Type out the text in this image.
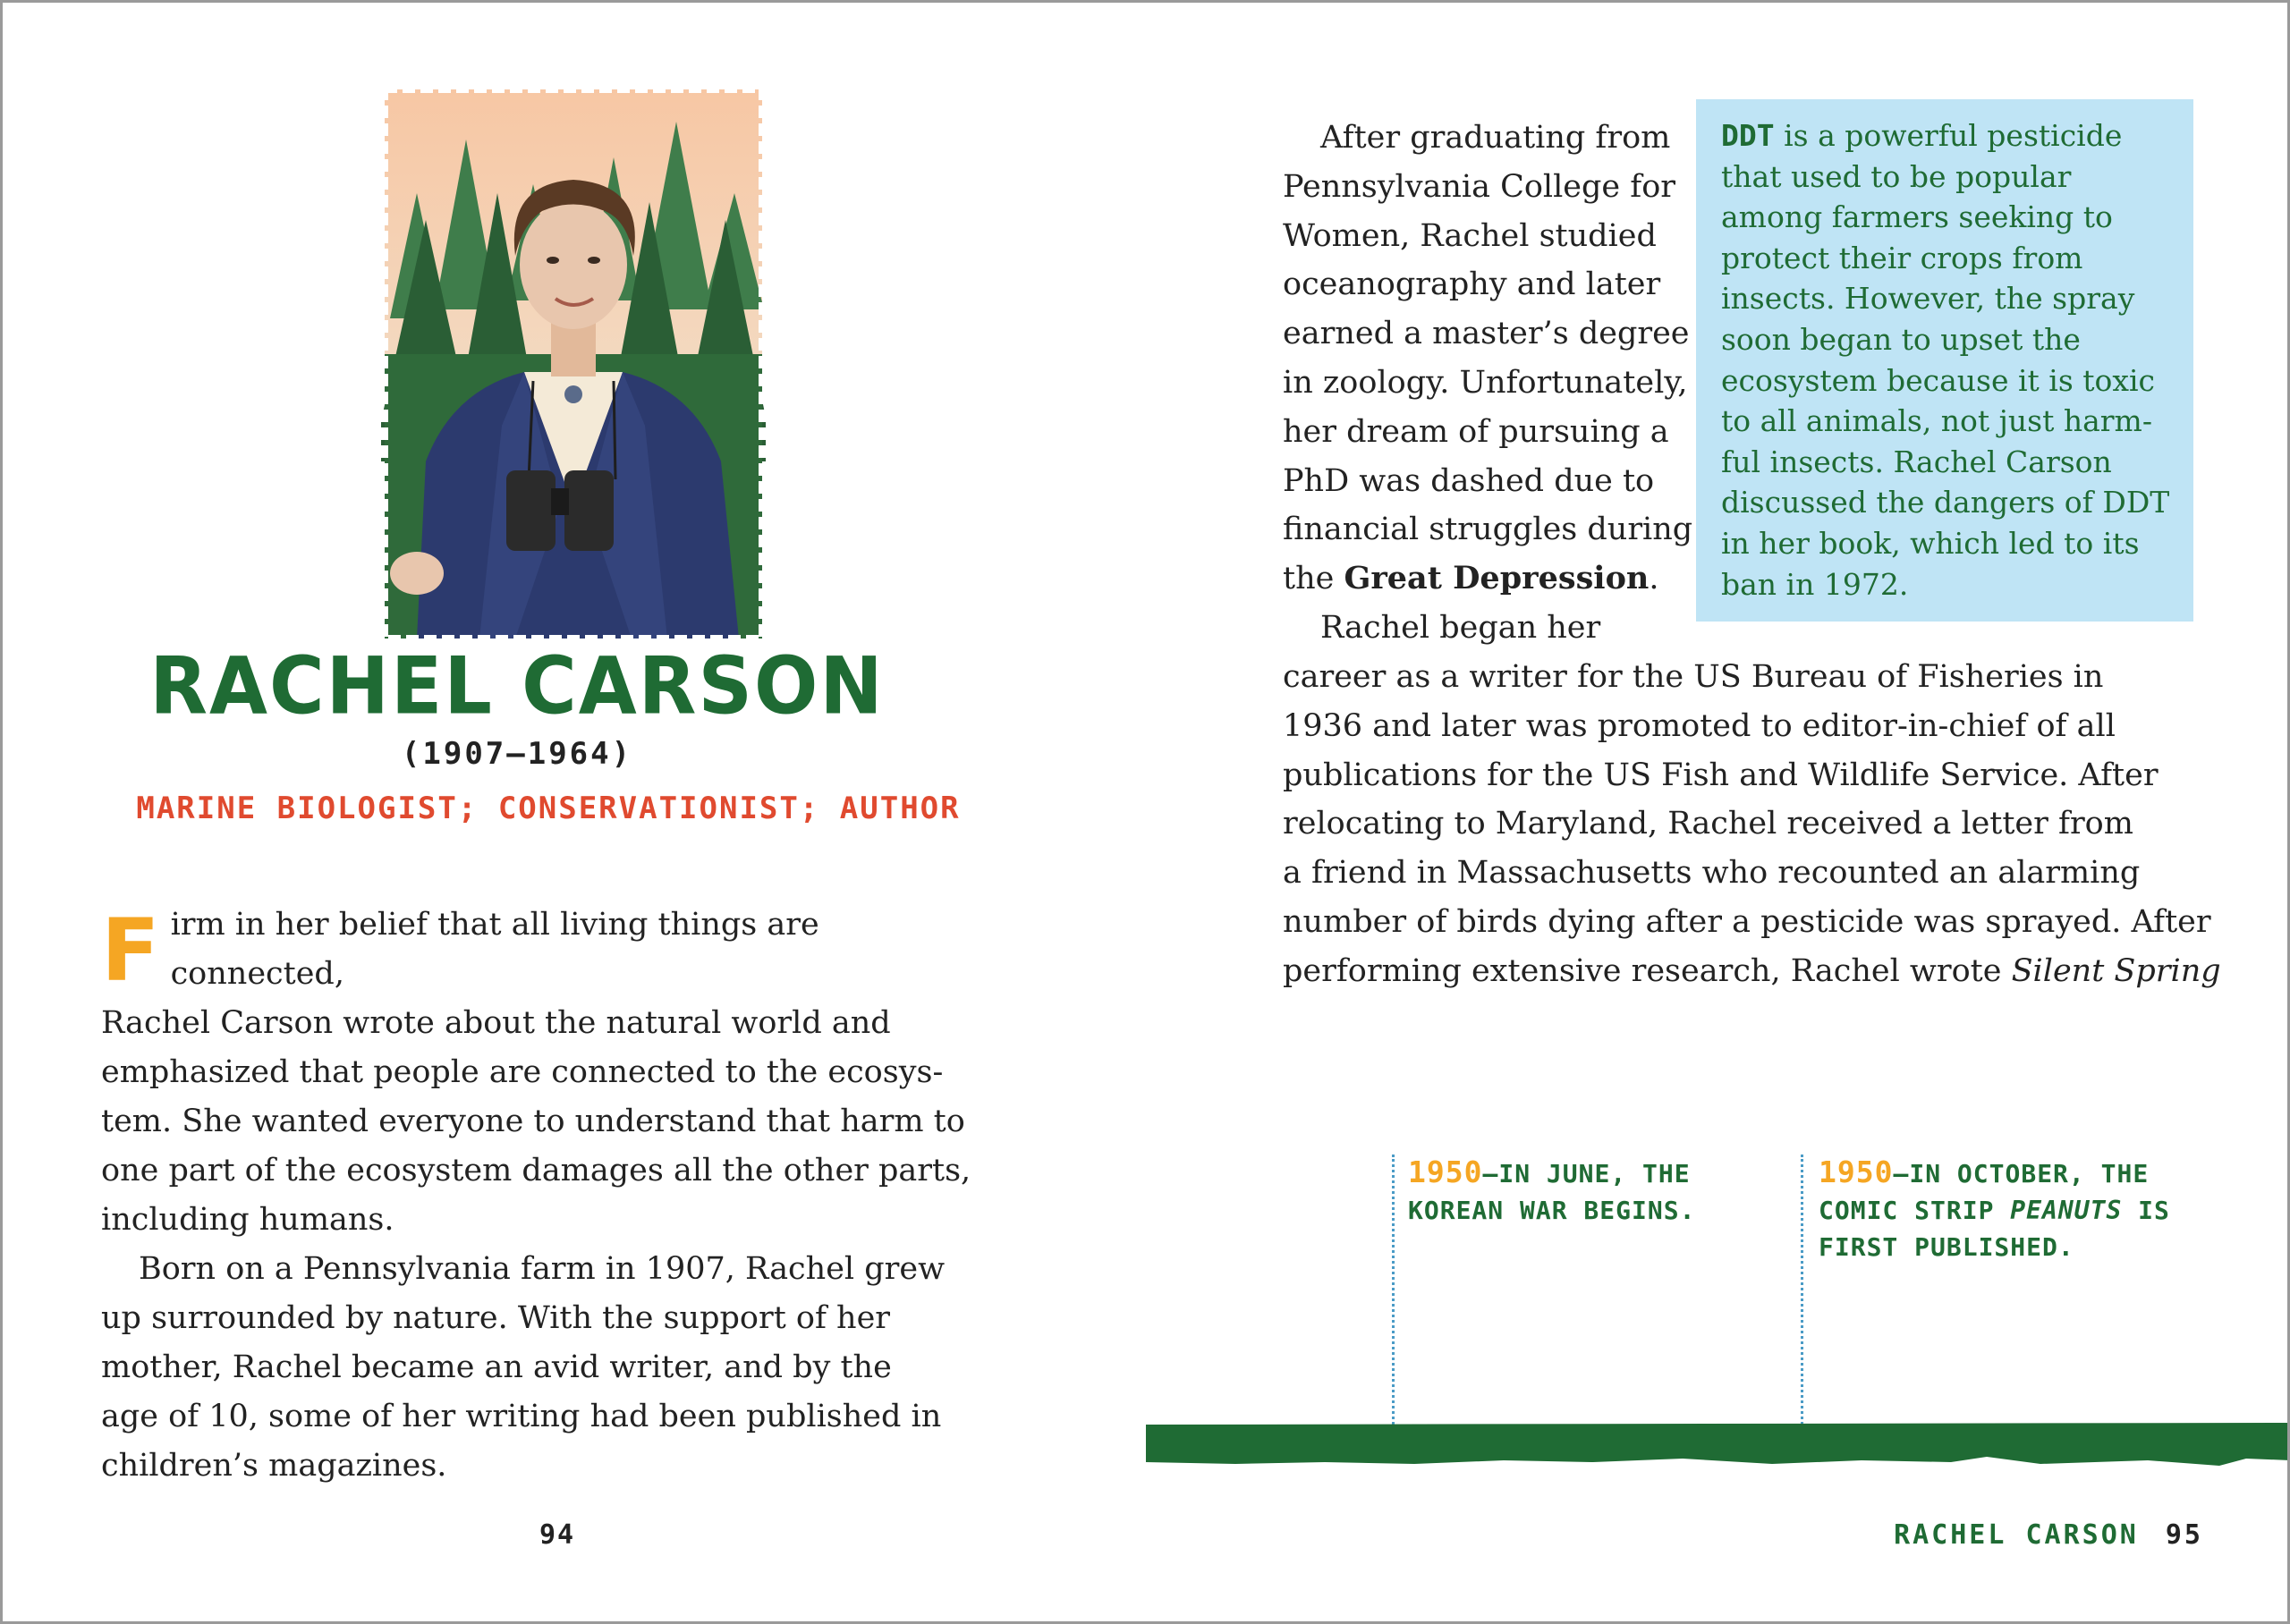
RACHEL CARSON
(1907–1964)
MARINE BIOLOGIST; CONSERVATIONIST; AUTHOR

F irm in her belief that all living things are connected,
Rachel Carson wrote about the natural world and
emphasized that people are connected to the ecosys-
tem. She wanted everyone to understand that harm to
one part of the ecosystem damages all the other parts,
including humans.

Born on a Pennsylvania farm in 1907, Rachel grew
up surrounded by nature. With the support of her
mother, Rachel became an avid writer, and by the
age of 10, some of her writing had been published in
children’s magazines.

94

After graduating from

Pennsylvania College for

Women, Rachel studied

oceanography and later

earned a master’s degree

in zoology. Unfortunately,

her dream of pursuing a

PhD was dashed due to

financial struggles during

the Great Depression.

Rachel began her

DDT is a powerful pesticide
that used to be popular
among farmers seeking to
protect their crops from
insects. However, the spray
soon began to upset the
ecosystem because it is toxic
to all animals, not just harm-
ful insects. Rachel Carson
discussed the dangers of DDT
in her book, which led to its
ban in 1972.

career as a writer for the US Bureau of Fisheries in

1936 and later was promoted to editor-in-chief of all

publications for the US Fish and Wildlife Service. After

relocating to Maryland, Rachel received a letter from

a friend in Massachusetts who recounted an alarming

number of birds dying after a pesticide was sprayed. After

performing extensive research, Rachel wrote Silent Spring

1950—IN JUNE, THE
KOREAN WAR BEGINS.
1950—IN OCTOBER, THE
COMIC STRIP PEANUTS IS
FIRST PUBLISHED.
RACHEL CARSON 95
